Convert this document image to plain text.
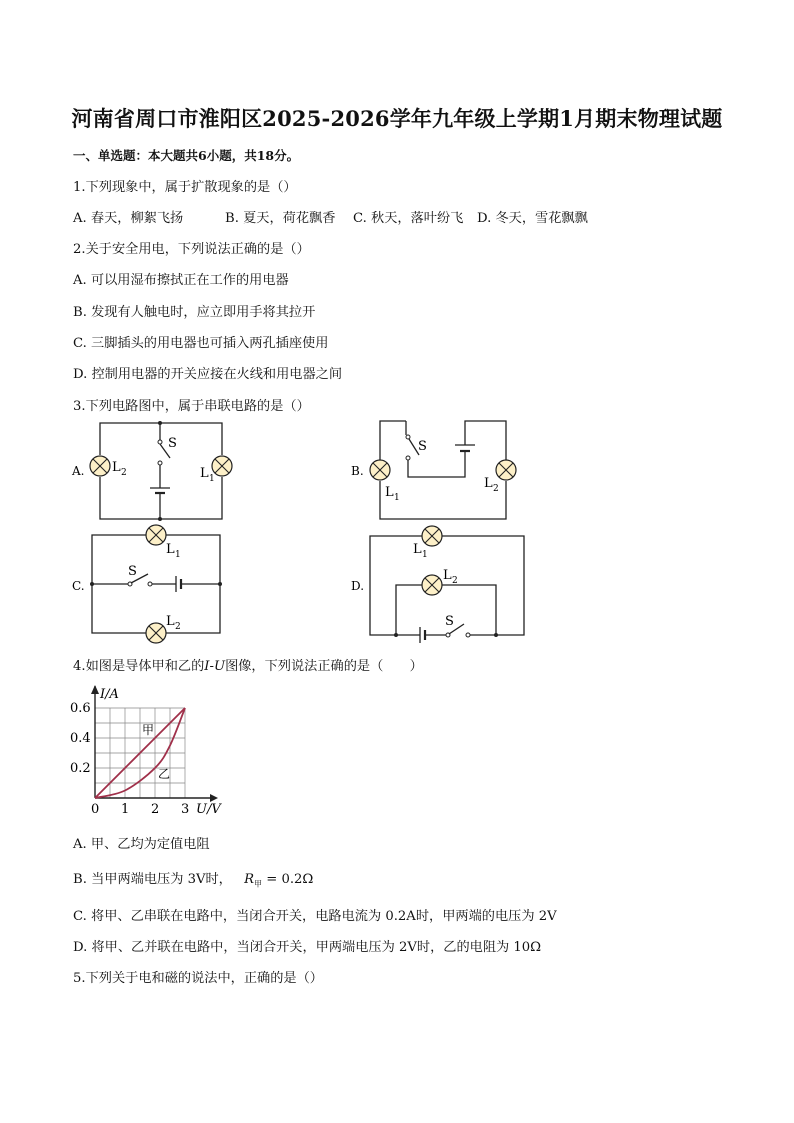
河南省周口市淮阳区2025-2026学年九年级上学期1月期末物理试题
一、单选题：本大题共6小题，共18分。
1.下列现象中，属于扩散现象的是（）
A. 春天，柳絮飞扬	B. 夏天，荷花飘香 C. 秋天，落叶纷飞 D. 冬天，雪花飘飘
2.关于安全用电，下列说法正确的是（）
A. 可以用湿布擦拭正在工作的用电器
B. 发现有人触电时，应立即用手将其拉开
C. 三脚插头的用电器也可插入两孔插座使用
D. 控制用电器的开关应接在火线和用电器之间
3.下列电路图中，属于串联电路的是（）
A.
S
L 2	L 1
B.
S
L 1
L 2
C.
L 1
L 2
S
D.
L 1
L 2
S
4.如图是导体甲和乙的I-U图像，下列说法正确的是（　　）
I/A
U/V
0.6
0.4
0.2
0 1 2 3
甲
乙
A. 甲、乙均为定值电阻
B. 当甲两端电压为 3V时， $R_甲 = 0.2\Omega$
C. 将甲、乙串联在电路中，当闭合开关，电路电流为 0.2A时，甲两端的电压为 2V
D. 将甲、乙并联在电路中，当闭合开关，甲两端电压为 2V时，乙的电阻为 10Ω
5.下列关于电和磁的说法中，正确的是（）
